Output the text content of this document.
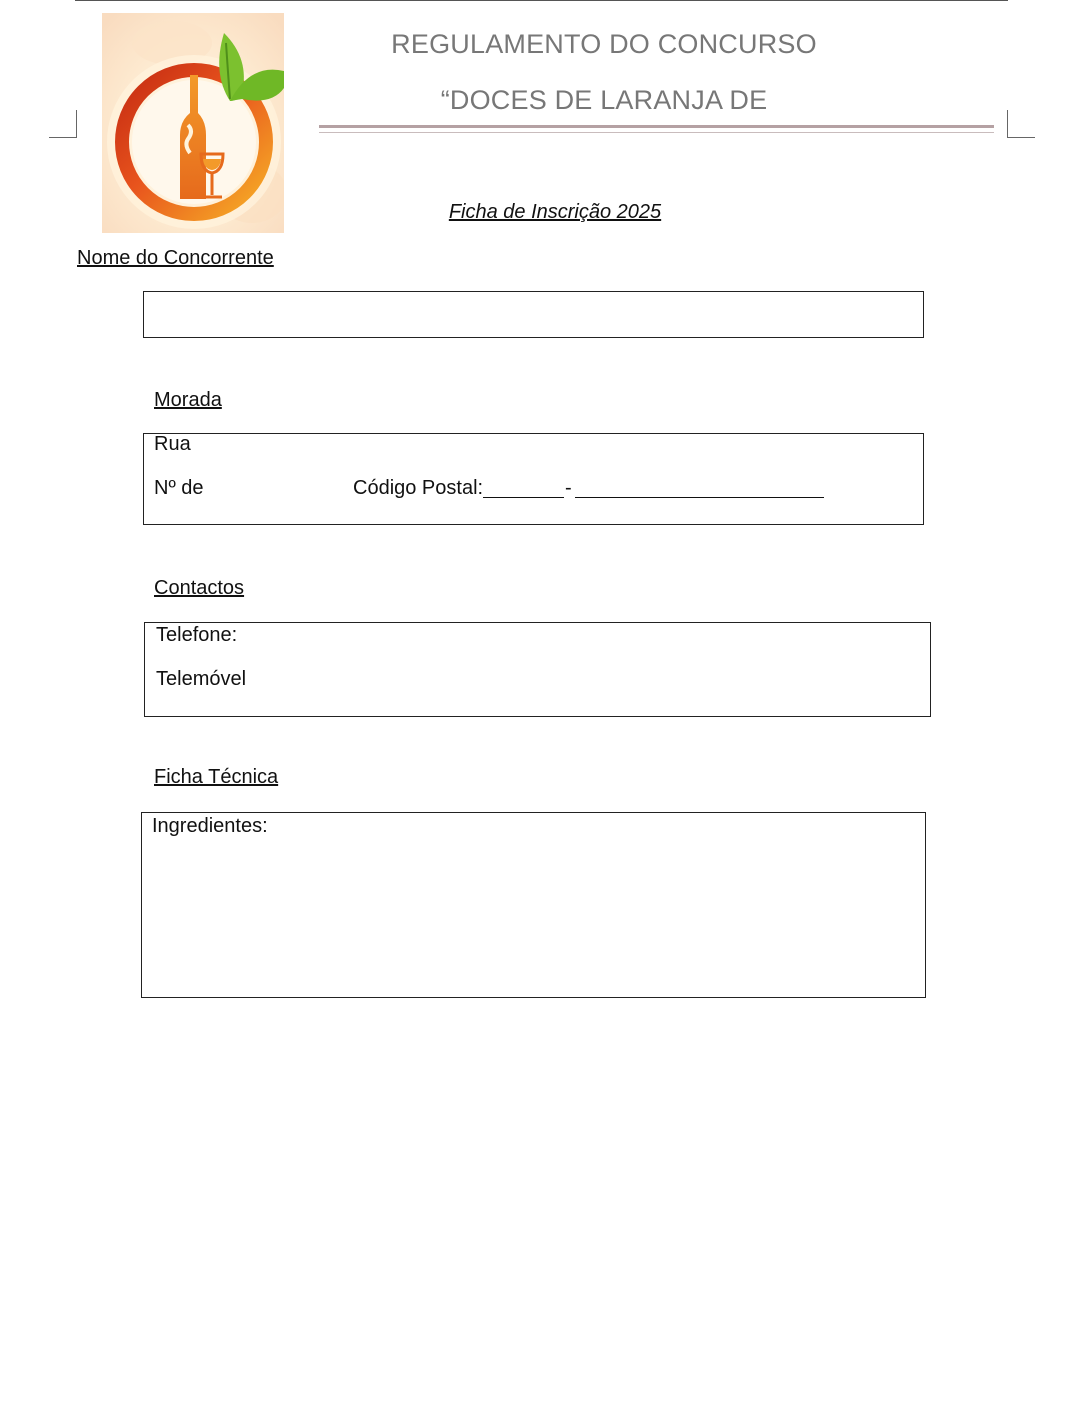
REGULAMENTO DO CONCURSO
“DOCES DE LARANJA DE
Ficha de Inscrição 2025
Nome do Concorrente
Morada
Rua
Nº de	Código Postal:	-
Contactos
Telefone:
Telemóvel
Ficha Técnica
Ingredientes:
